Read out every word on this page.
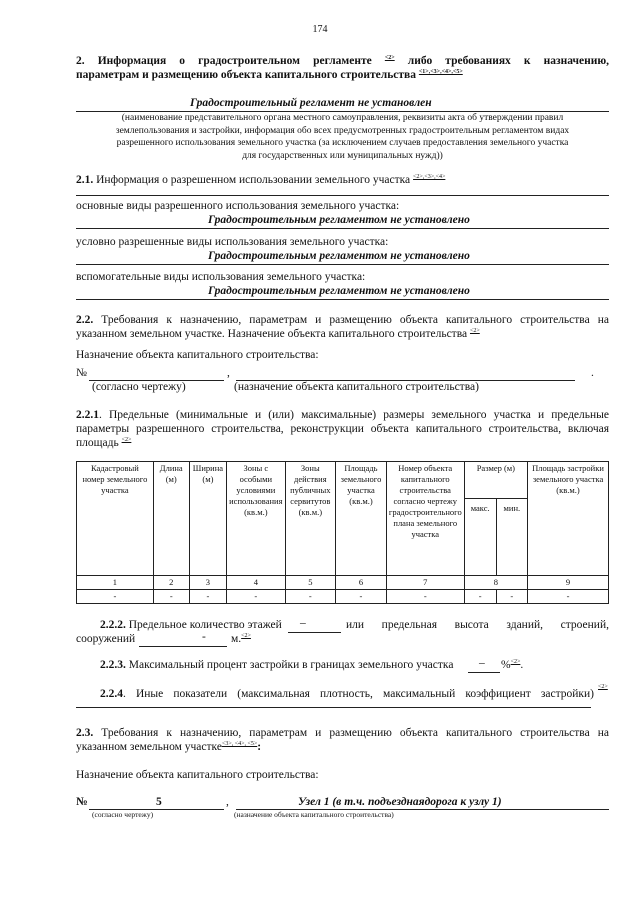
174
2. Информация о градостроительном регламенте $^{<2>}$ либо требованиях к назначению,
параметрам и размещению объекта капитального строительства $^{<1>,<3>,<4>,<5>}$
Градостроительный регламент не установлен
(наименование представительного органа местного самоуправления, реквизиты акта об утверждении правил
землепользования и застройки, информация обо всех предусмотренных градостроительным регламентом видах
разрешенного использования земельного участка (за исключением случаев предоставления земельного участка
для государственных или муниципальных нужд))
2.1. Информация о разрешенном использовании земельного участка $^{<2>,<3>,<4>}$
основные виды разрешенного использования земельного участка:
Градостроительным регламентом не установлено
условно разрешенные виды использования земельного участка:
Градостроительным регламентом не установлено
вспомогательные виды использования земельного участка:
Градостроительным регламентом не установлено
2.2. Требования к назначению, параметрам и размещению объекта капитального строительства на
указанном земельном участке. Назначение объекта капитального строительства $^{<2>}$
Назначение объекта капитального строительства:
№	,	.
(согласно чертежу)	(назначение объекта капитального строительства)
2.2.1. Предельные (минимальные и (или) максимальные) размеры земельного участка и предельные
параметры разрешенного строительства, реконструкции объекта капитального строительства, включая
площадь $^{<2>}$
Кадастровый номер земельного участка	Длина (м)	Ширина (м)	Зоны с особыми условиями использования (кв.м.)	Зоны действия публичных сервитутов (кв.м.)	Площадь земельного участка (кв.м.)	Номер объекта капитального строительства согласно чертежу градостроительного плана земельного участка	Размер (м)		Площадь застройки земельного участка (кв.м.)
							макс.	мин.	
1	2	3	4	5	6	7	8		9
-	-	-	-	-	-	-	-	-	-
2.2.2. Предельное количество этажей –	или предельная высота зданий, строений,
сооружений	- м.$^{<2>}$
2.2.3. Максимальный процент застройки в границах земельного участка – %$^{<2>}$.
2.2.4. Иные показатели (максимальная плотность, максимальный коэффициент застройки)
<2>
2.3. Требования к назначению, параметрам и размещению объекта капитального строительства на
указанном земельном участке$^{<3>, <4>, <5>}$:
Назначение объекта капитального строительства:
№	5	,	Узел 1 (в т.ч. подъезднаядорога к узлу 1)
(согласно чертежу)	(назначение объекта капитального строительства)
